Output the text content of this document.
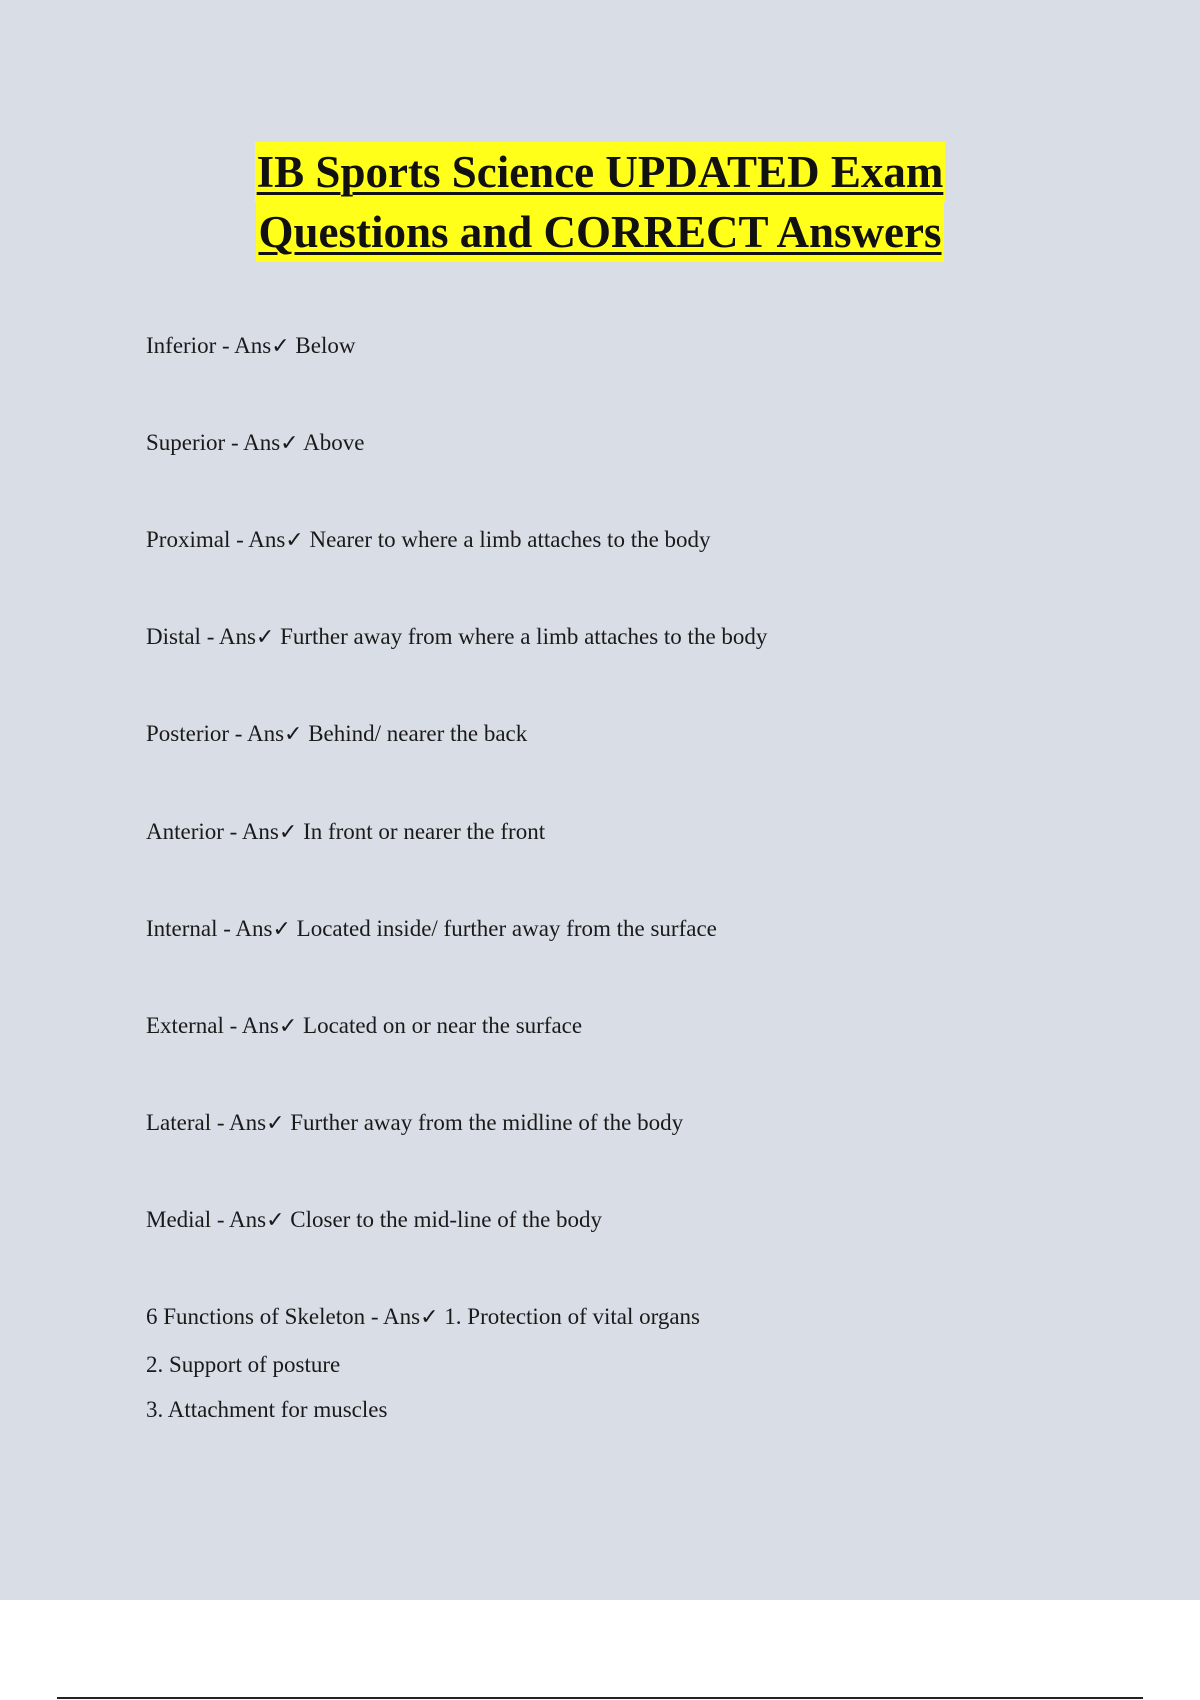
IB Sports Science UPDATED Exam
Questions and CORRECT Answers

Inferior - Ans✓ Below

Superior - Ans✓ Above

Proximal - Ans✓ Nearer to where a limb attaches to the body

Distal - Ans✓ Further away from where a limb attaches to the body

Posterior - Ans✓ Behind/ nearer the back

Anterior - Ans✓ In front or nearer the front

Internal - Ans✓ Located inside/ further away from the surface

External - Ans✓ Located on or near the surface

Lateral - Ans✓ Further away from the midline of the body

Medial - Ans✓ Closer to the mid-line of the body

6 Functions of Skeleton - Ans✓ 1. Protection of vital organs

2. Support of posture

3. Attachment for muscles
